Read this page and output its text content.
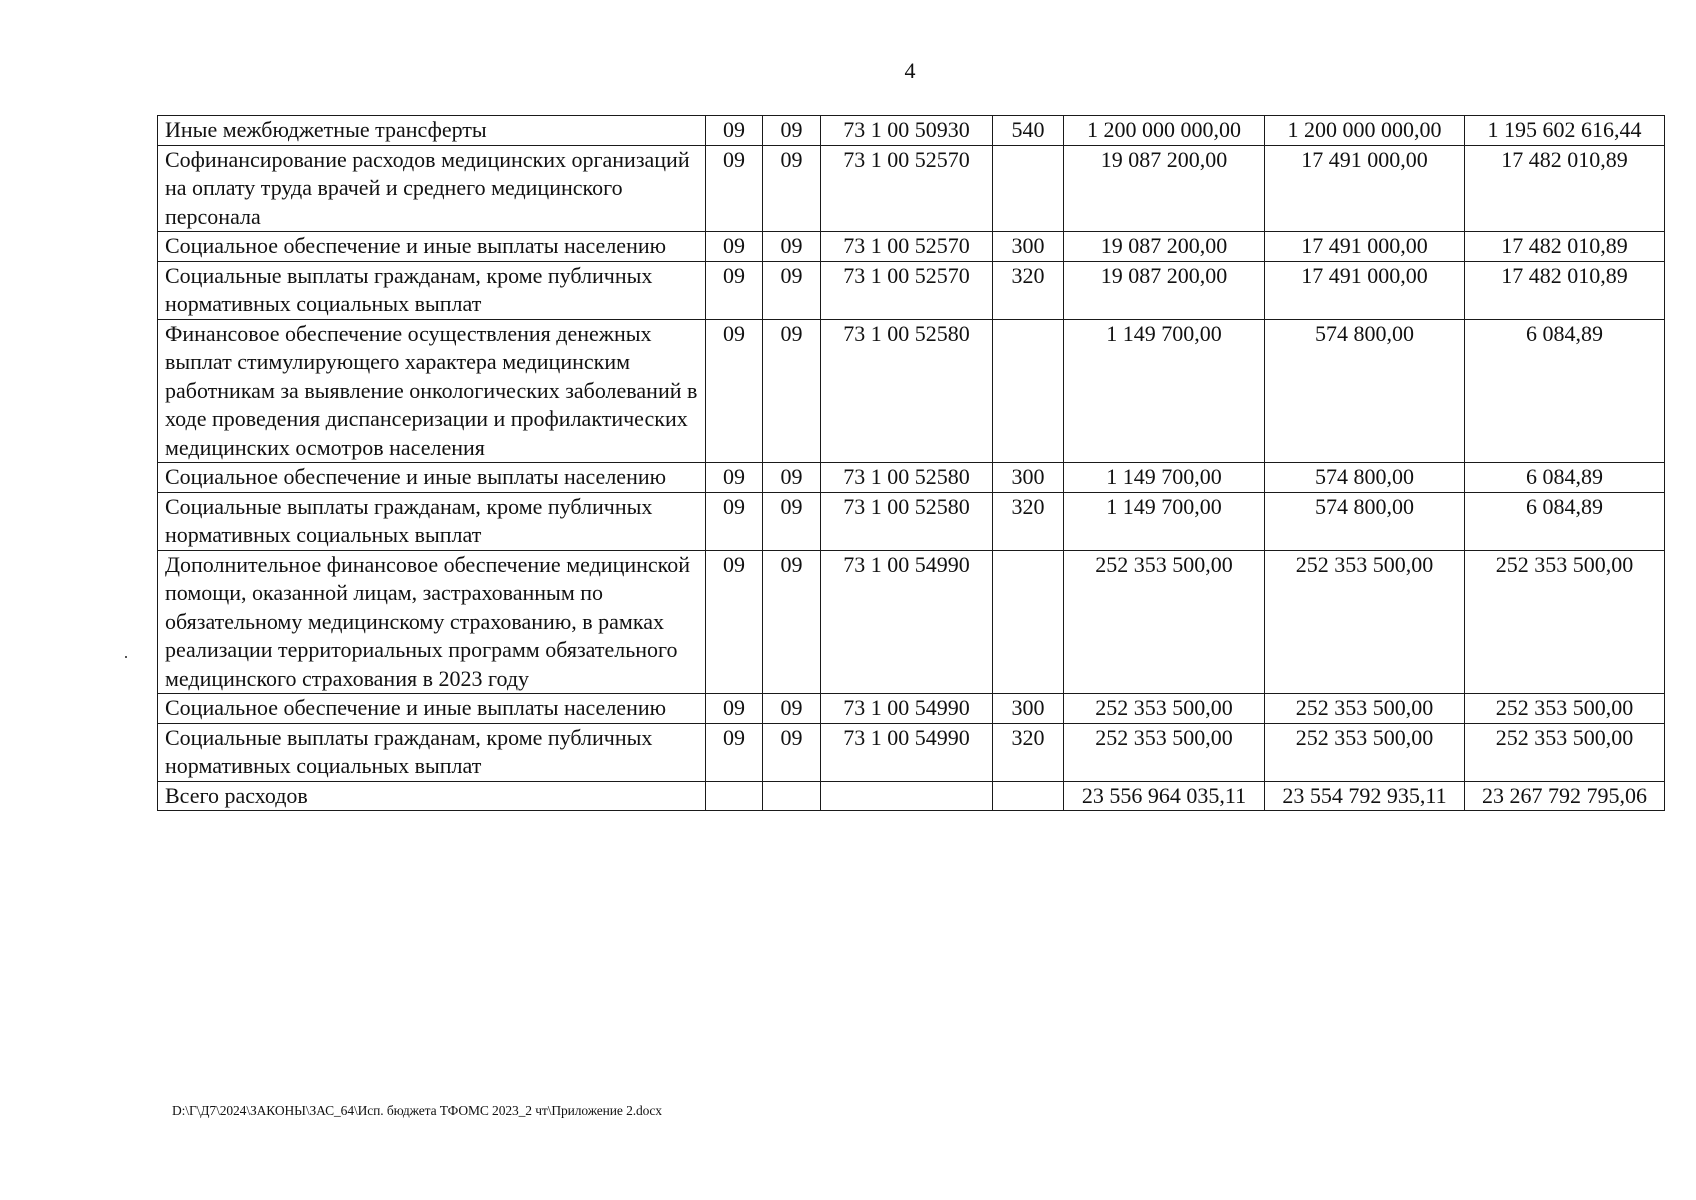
4
Иные межбюджетные трансферты	09	09	73 1 00 50930	540	1 200 000 000,00	1 200 000 000,00	1 195 602 616,44
Софинансирование расходов медицинских организаций на оплату труда врачей и среднего медицинского персонала	09	09	73 1 00 52570		19 087 200,00	17 491 000,00	17 482 010,89
Социальное обеспечение и иные выплаты населению	09	09	73 1 00 52570	300	19 087 200,00	17 491 000,00	17 482 010,89
Социальные выплаты гражданам, кроме публичных нормативных социальных выплат	09	09	73 1 00 52570	320	19 087 200,00	17 491 000,00	17 482 010,89
Финансовое обеспечение осуществления денежных выплат стимулирующего характера медицинским работникам за выявление онкологических заболеваний в ходе проведения диспансеризации и профилактических медицинских осмотров населения	09	09	73 1 00 52580		1 149 700,00	574 800,00	6 084,89
Социальное обеспечение и иные выплаты населению	09	09	73 1 00 52580	300	1 149 700,00	574 800,00	6 084,89
Социальные выплаты гражданам, кроме публичных нормативных социальных выплат	09	09	73 1 00 52580	320	1 149 700,00	574 800,00	6 084,89
Дополнительное финансовое обеспечение медицинской помощи, оказанной лицам, застрахованным по обязательному медицинскому страхованию, в рамках реализации территориальных программ обязательного медицинского страхования в 2023 году	09	09	73 1 00 54990		252 353 500,00	252 353 500,00	252 353 500,00
Социальное обеспечение и иные выплаты населению	09	09	73 1 00 54990	300	252 353 500,00	252 353 500,00	252 353 500,00
Социальные выплаты гражданам, кроме публичных нормативных социальных выплат	09	09	73 1 00 54990	320	252 353 500,00	252 353 500,00	252 353 500,00
Всего расходов					23 556 964 035,11	23 554 792 935,11	23 267 792 795,06
D:\Г\Д7\2024\ЗАКОНЫ\ЗАС_64\Исп. бюджета ТФОМС 2023_2 чт\Приложение 2.docx
